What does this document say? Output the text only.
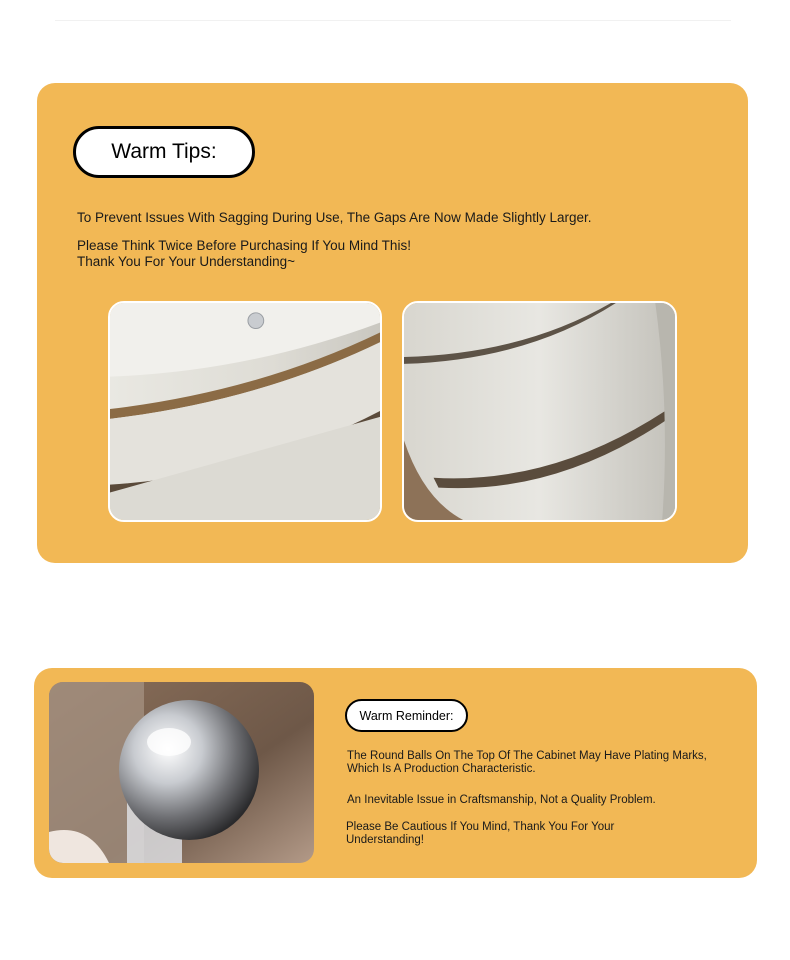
Warm Tips:

To Prevent Issues With Sagging During Use, The Gaps Are Now Made Slightly Larger.

Please Think Twice Before Purchasing If You Mind This! Thank You For Your Understanding~

Warm Reminder:

The Round Balls On The Top Of The Cabinet May Have Plating Marks, Which Is A Production Characteristic.

An Inevitable Issue in Craftsmanship, Not a Quality Problem.

Please Be Cautious If You Mind, Thank You For Your Understanding!
